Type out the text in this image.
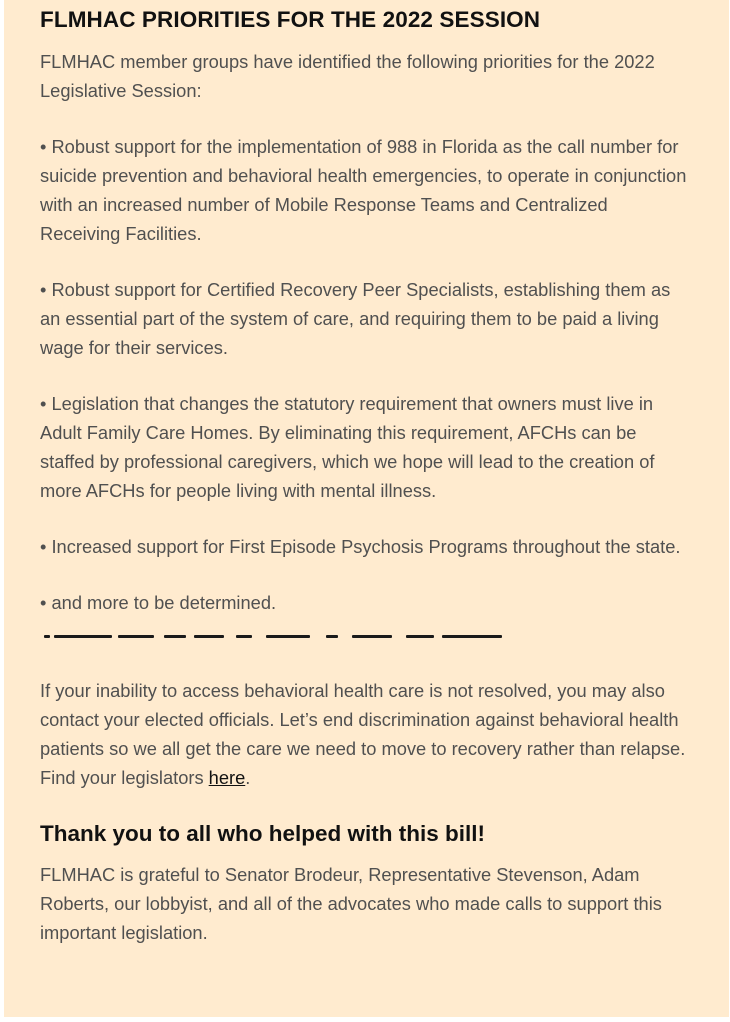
FLMHAC PRIORITIES FOR THE 2022 SESSION

FLMHAC member groups have identified the following priorities for the 2022 Legislative Session:

• Robust support for the implementation of 988 in Florida as the call number for suicide prevention and behavioral health emergencies, to operate in conjunction with an increased number of Mobile Response Teams and Centralized Receiving Facilities.

• Robust support for Certified Recovery Peer Specialists, establishing them as an essential part of the system of care, and requiring them to be paid a living wage for their services.

• Legislation that changes the statutory requirement that owners must live in Adult Family Care Homes. By eliminating this requirement, AFCHs can be staffed by professional caregivers, which we hope will lead to the creation of more AFCHs for people living with mental illness.

• Increased support for First Episode Psychosis Programs throughout the state.

• and more to be determined.

If your inability to access behavioral health care is not resolved, you may also contact your elected officials. Let’s end discrimination against behavioral health patients so we all get the care we need to move to recovery rather than relapse. Find your legislators here.

Thank you to all who helped with this bill!

FLMHAC is grateful to Senator Brodeur, Representative Stevenson, Adam Roberts, our lobbyist, and all of the advocates who made calls to support this important legislation.
